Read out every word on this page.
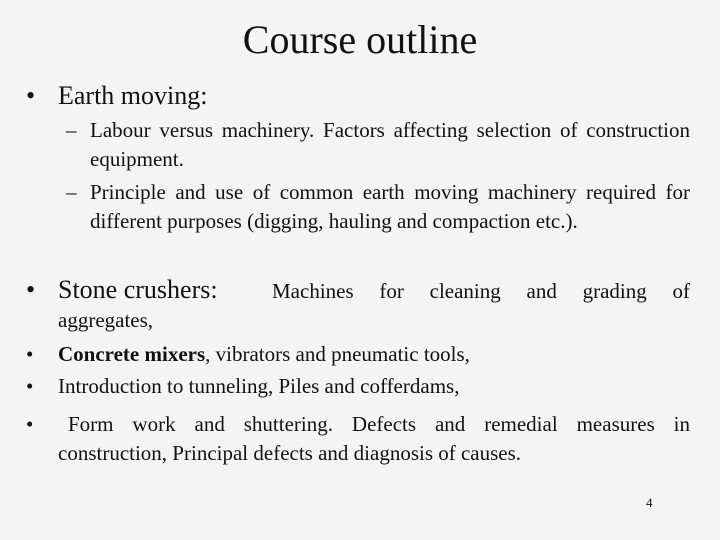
Course outline
• Earth moving:
– Labour versus machinery. Factors affecting selection of construction equipment.
– Principle and use of common earth moving machinery required for different purposes (digging, hauling and compaction etc.).
• Stone crushers:	Machines for cleaning and grading of
aggregates,
• Concrete mixers, vibrators and pneumatic tools,
• Introduction to tunneling, Piles and cofferdams,
•	Form work and shuttering. Defects and remedial measures in construction, Principal defects and diagnosis of causes.
4
